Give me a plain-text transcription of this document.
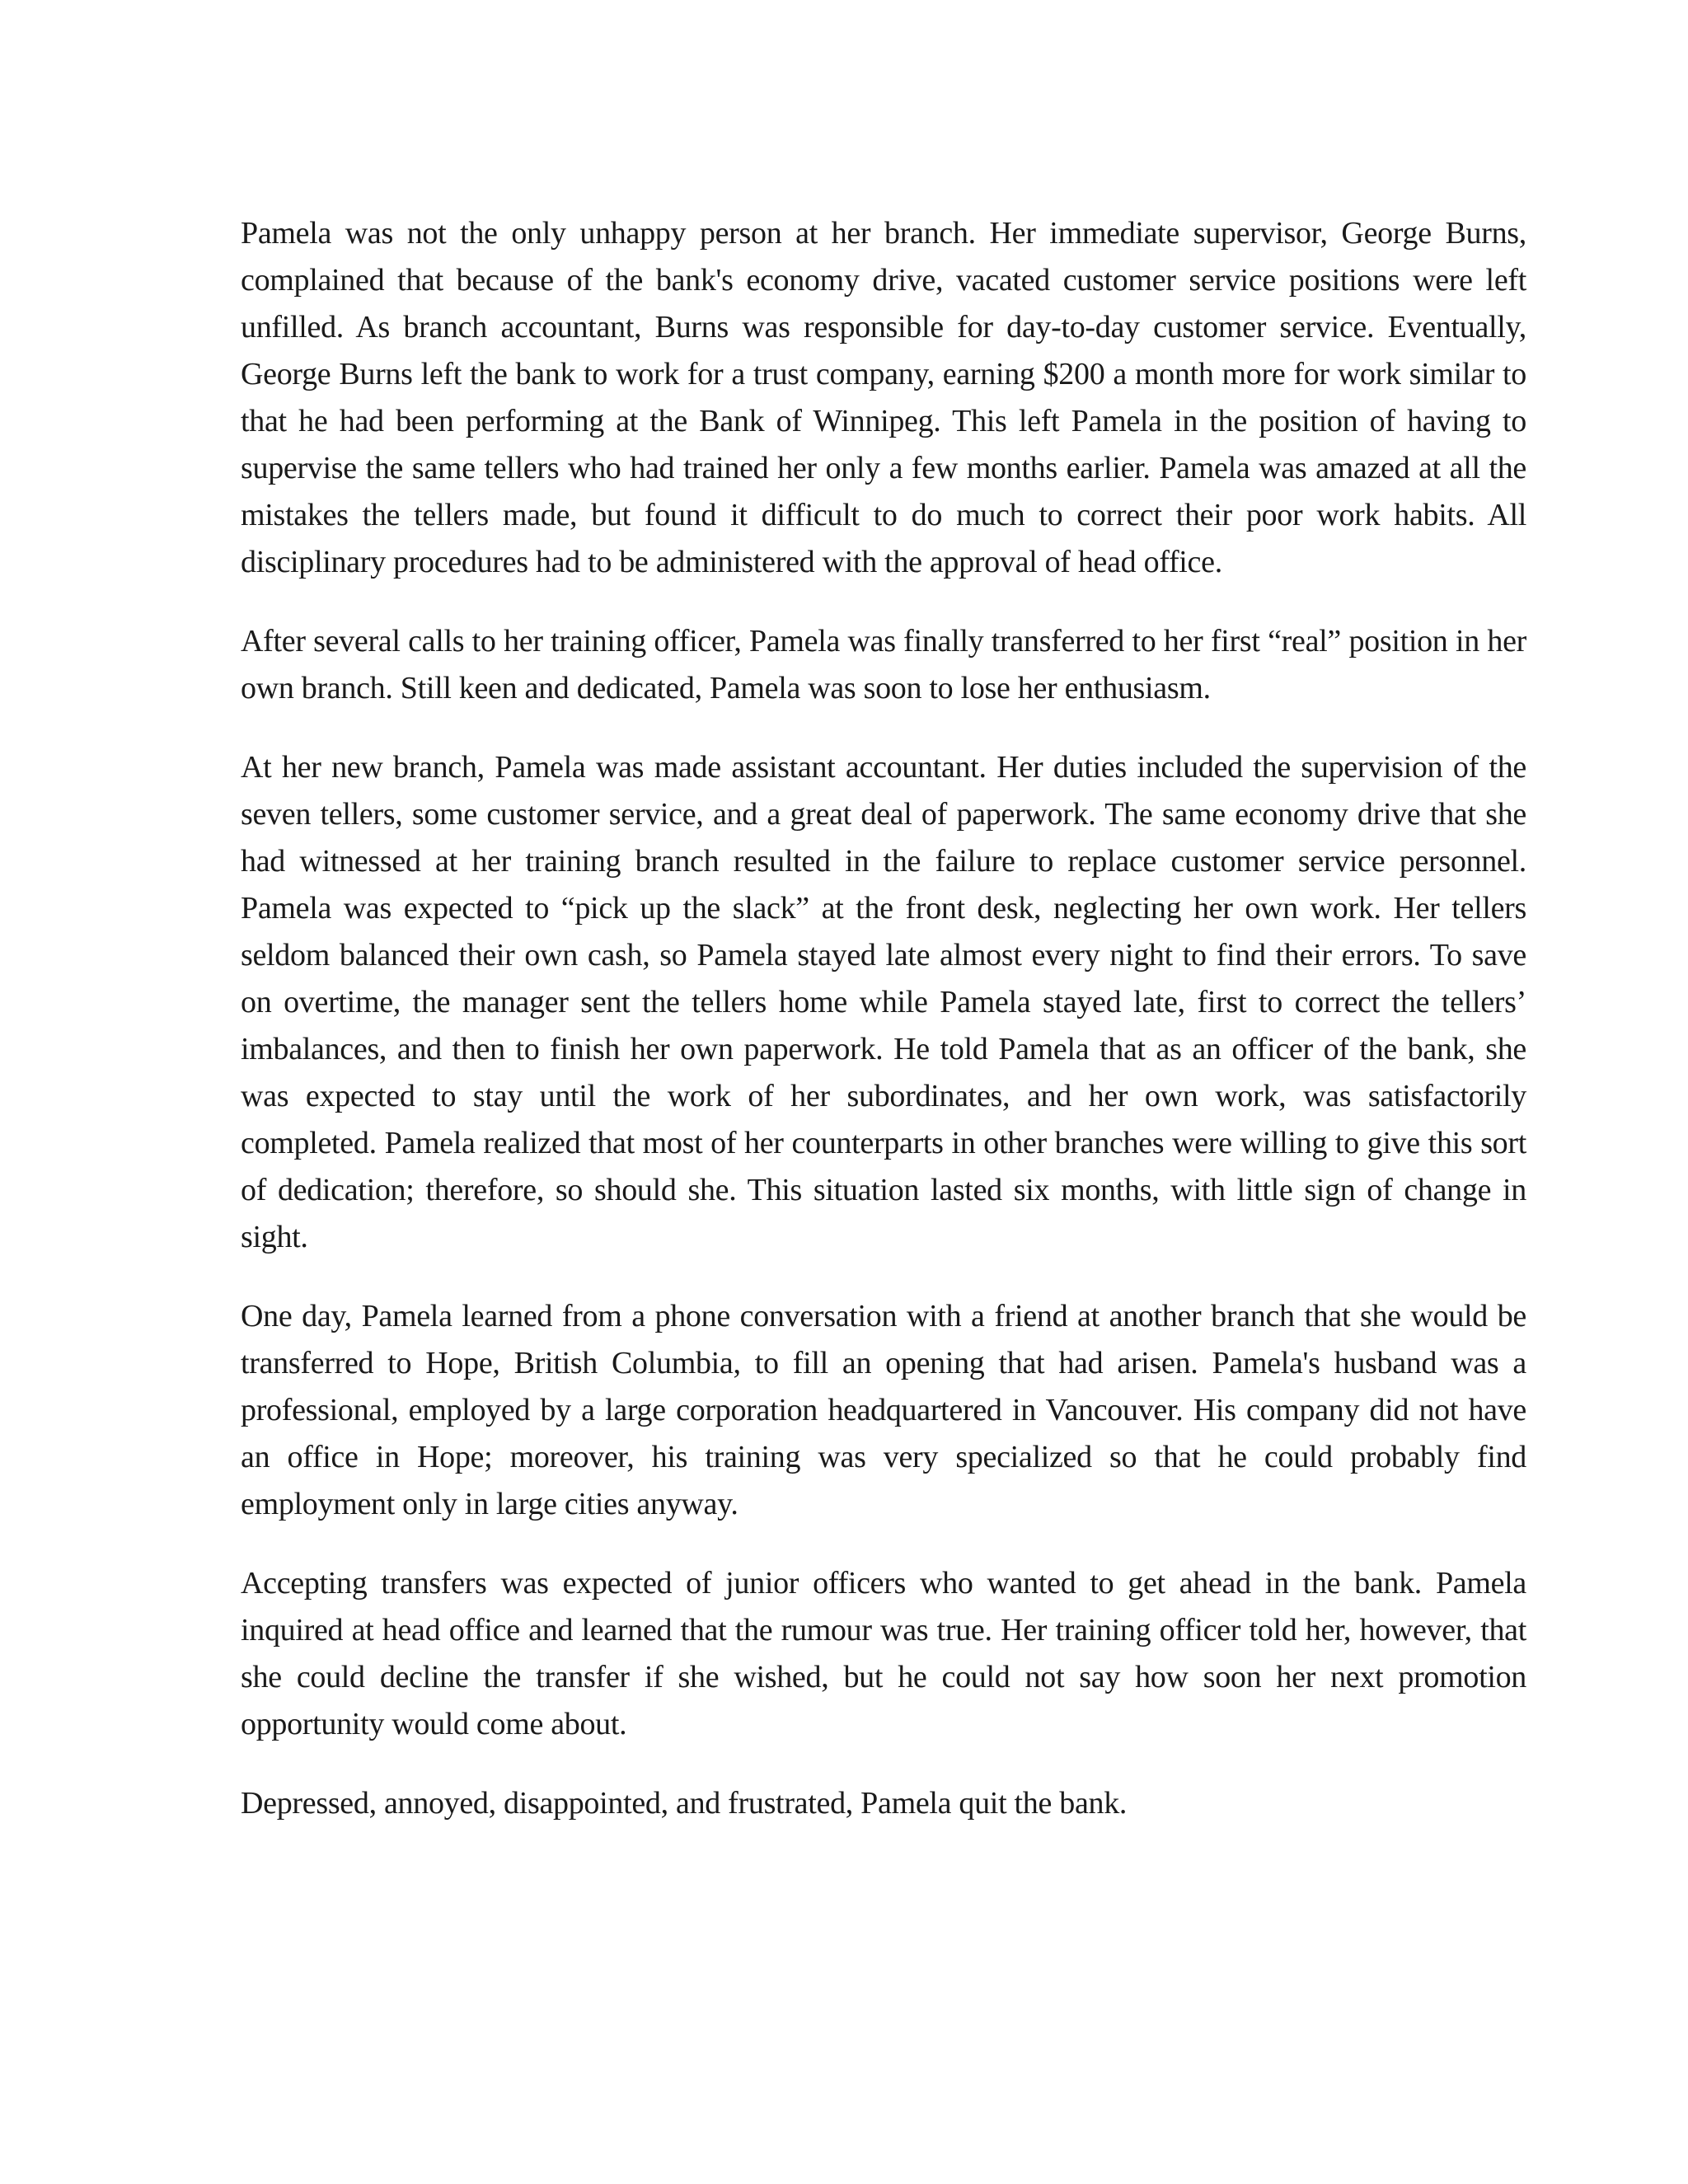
Pamela was not the only unhappy person at her branch. Her immediate supervisor, George Burns, complained that because of the bank's economy drive, vacated customer service positions were left unfilled. As branch accountant, Burns was responsible for day-to-day customer service. Eventually, George Burns left the bank to work for a trust company, earning $200 a month more for work similar to that he had been performing at the Bank of Winnipeg. This left Pamela in the position of having to supervise the same tellers who had trained her only a few months earlier. Pamela was amazed at all the mistakes the tellers made, but found it difficult to do much to correct their poor work habits. All disciplinary procedures had to be administered with the approval of head office.

After several calls to her training officer, Pamela was finally transferred to her first “real” position in her own branch. Still keen and dedicated, Pamela was soon to lose her enthusiasm.

At her new branch, Pamela was made assistant accountant. Her duties included the supervision of the seven tellers, some customer service, and a great deal of paperwork. The same economy drive that she had witnessed at her training branch resulted in the failure to replace customer service personnel. Pamela was expected to “pick up the slack” at the front desk, neglecting her own work. Her tellers seldom balanced their own cash, so Pamela stayed late almost every night to find their errors. To save on overtime, the manager sent the tellers home while Pamela stayed late, first to correct the tellers’ imbalances, and then to finish her own paperwork. He told Pamela that as an officer of the bank, she was expected to stay until the work of her subordinates, and her own work, was satisfactorily completed. Pamela realized that most of her counterparts in other branches were willing to give this sort of dedication; therefore, so should she. This situation lasted six months, with little sign of change in sight.

One day, Pamela learned from a phone conversation with a friend at another branch that she would be transferred to Hope, British Columbia, to fill an opening that had arisen. Pamela's husband was a professional, employed by a large corporation headquartered in Vancouver. His company did not have an office in Hope; moreover, his training was very specialized so that he could probably find employment only in large cities anyway.

Accepting transfers was expected of junior officers who wanted to get ahead in the bank. Pamela inquired at head office and learned that the rumour was true. Her training officer told her, however, that she could decline the transfer if she wished, but he could not say how soon her next promotion opportunity would come about.

Depressed, annoyed, disappointed, and frustrated, Pamela quit the bank.
